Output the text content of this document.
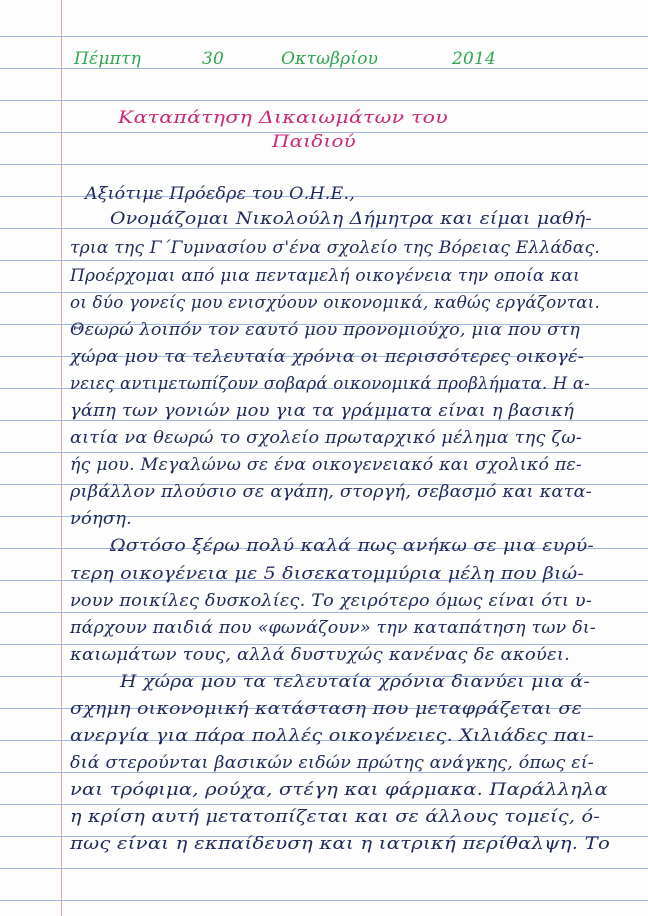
Πέμπτη	30	Οκτωβρίου	2014
Καταπάτηση Δικαιωμάτων του
Παιδιού
Αξιότιμε Πρόεδρε του Ο.Η.Ε.,
Ονομάζομαι Νικολούλη Δήμητρα και είμαι μαθή-
τρια της Γ΄Γυμνασίου σ'ένα σχολείο της Βόρειας Ελλάδας.
Προέρχομαι από μια πενταμελή οικογένεια την οποία και
οι δύο γονείς μου ενισχύουν οικονομικά, καθώς εργάζονται.
Θεωρώ λοιπόν τον εαυτό μου προνομιούχο, μια που στη
χώρα μου τα τελευταία χρόνια οι περισσότερες οικογέ-
νειες αντιμετωπίζουν σοβαρά οικονομικά προβλήματα. Η α-
γάπη των γονιών μου για τα γράμματα είναι η βασική
αιτία να θεωρώ το σχολείο πρωταρχικό μέλημα της ζω-
ής μου. Μεγαλώνω σε ένα οικογενειακό και σχολικό πε-
ριβάλλον πλούσιο σε αγάπη, στοργή, σεβασμό και κατα-
νόηση.
Ωστόσο ξέρω πολύ καλά πως ανήκω σε μια ευρύ-
τερη οικογένεια με 5 δισεκατομμύρια μέλη που βιώ-
νουν ποικίλες δυσκολίες. Το χειρότερο όμως είναι ότι υ-
πάρχουν παιδιά που «φωνάζουν» την καταπάτηση των δι-
καιωμάτων τους, αλλά δυστυχώς κανένας δε ακούει.
Η χώρα μου τα τελευταία χρόνια διανύει μια ά-
σχημη οικονομική κατάσταση που μεταφράζεται σε
ανεργία για πάρα πολλές οικογένειες. Χιλιάδες παι-
διά στερούνται βασικών ειδών πρώτης ανάγκης, όπως εί-
ναι τρόφιμα, ρούχα, στέγη και φάρμακα. Παράλληλα
η κρίση αυτή μετατοπίζεται και σε άλλους τομείς, ό-
πως είναι η εκπαίδευση και η ιατρική περίθαλψη. Το
